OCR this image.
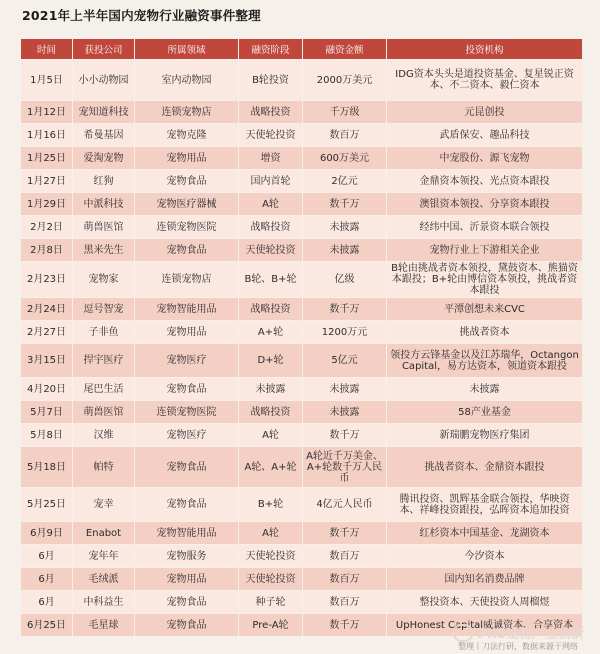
2021年上半年国内宠物行业融资事件整理
时间	获投公司	所属领域	融资阶段	融资金额	投资机构
1月5日	小小动物园	室内动物园	B轮投资	2000万美元	IDG资本头头是道投资基金、复星锐正资本、不二资本、毅仁资本
1月12日	宠知道科技	连锁宠物店	战略投资	千万级	元昆创投
1月16日	希曼基因	宠物克隆	天使轮投资	数百万	武盾保安、趣品科技
1月25日	爱淘宠物	宠物用品	增资	600万美元	中宠股份、源飞宠物
1月27日	红狗	宠物食品	国内首轮	2亿元	金鼎资本领投、光点资本跟投
1月29日	中派科技	宠物医疗器械	A轮	数千万	澳银资本领投、分享资本跟投
2月2日	萌兽医馆	连锁宠物医院	战略投资	未披露	经纬中国、沂景资本联合领投
2月8日	黑米先生	宠物食品	天使轮投资	未披露	宠物行业上下游相关企业
2月23日	宠物家	连锁宠物店	B轮、B+轮	亿级	B轮由挑战者资本领投，黛鼓资本、熊猫资本跟投；B+轮由博信资本领投，挑战者资本跟投
2月24日	逗号智宠	宠物智能用品	战略投资	数千万	平潭创想未来CVC
2月27日	子非鱼	宠物用品	A+轮	1200万元	挑战者资本
3月15日	捍宇医疗	宠物医疗	D+轮	5亿元	领投方云锋基金以及江苏瑞华，Octangon Capital，易方达资本，领道资本跟投
4月20日	尾巴生活	宠物食品	未披露	未披露	未披露
5月7日	萌兽医馆	连锁宠物医院	战略投资	未披露	58产业基金
5月8日	汉维	宠物医疗	A轮	数千万	新瑞鹏宠物医疗集团
5月18日	帕特	宠物食品	A轮、A+轮	A轮近千万美金、A+轮数千万人民币	挑战者资本、金鼎资本跟投
5月25日	宠幸	宠物食品	B+轮	4亿元人民币	腾讯投资、凯辉基金联合领投，华映资本、祥峰投资跟投，弘晖资本追加投资
6月9日	Enabot	宠物智能用品	A轮	数千万	红杉资本中国基金、龙湖资本
6月	宠年年	宠物服务	天使轮投资	数百万	今汐资本
6月	毛绒派	宠物用品	天使轮投资	数百万	国内知名消费品牌
6月	中科益生	宠物食品	种子轮	数百万	整投资本、天使投资人周榴煜
6月25日	毛星球	宠物食品	Pre-A轮	数千万	UpHonest Capital威诚资本、合享资本
PIIS宠物产业创新
整理丨刀法行研，数据来源于网络
